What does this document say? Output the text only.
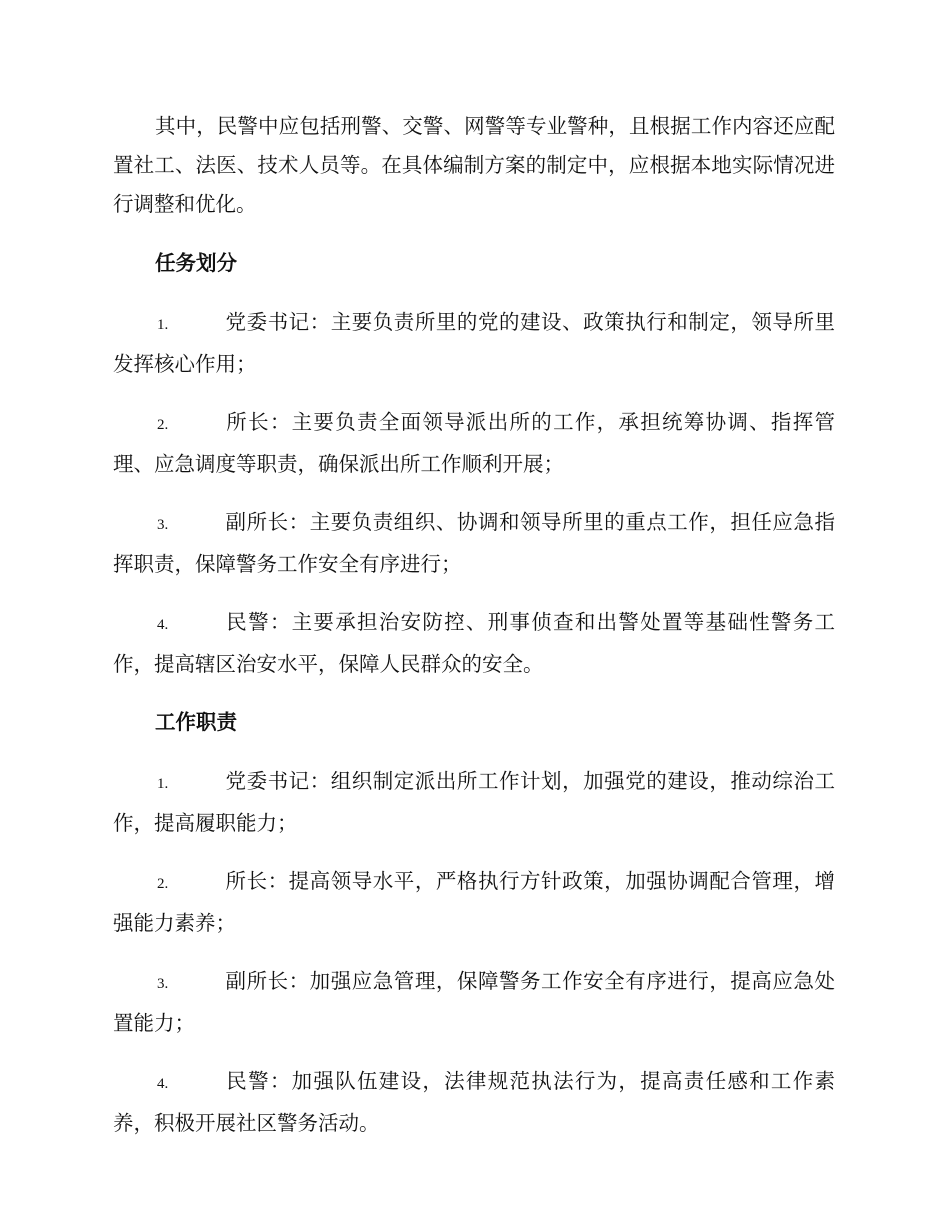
其中，民警中应包括刑警、交警、网警等专业警种，且根据工作内容还应配置社工、法医、技术人员等。在具体编制方案的制定中，应根据本地实际情况进行调整和优化。

任务划分

1.	党委书记：主要负责所里的党的建设、政策执行和制定，领导所里发挥核心作用；

2.	所长：主要负责全面领导派出所的工作，承担统筹协调、指挥管理、应急调度等职责，确保派出所工作顺利开展；

3.	副所长：主要负责组织、协调和领导所里的重点工作，担任应急指挥职责，保障警务工作安全有序进行；

4.	民警：主要承担治安防控、刑事侦查和出警处置等基础性警务工作，提高辖区治安水平，保障人民群众的安全。

工作职责

1.	党委书记：组织制定派出所工作计划，加强党的建设，推动综治工作，提高履职能力；

2.	所长：提高领导水平，严格执行方针政策，加强协调配合管理，增强能力素养；

3.	副所长：加强应急管理，保障警务工作安全有序进行，提高应急处置能力；

4.	民警：加强队伍建设，法律规范执法行为，提高责任感和工作素养，积极开展社区警务活动。
